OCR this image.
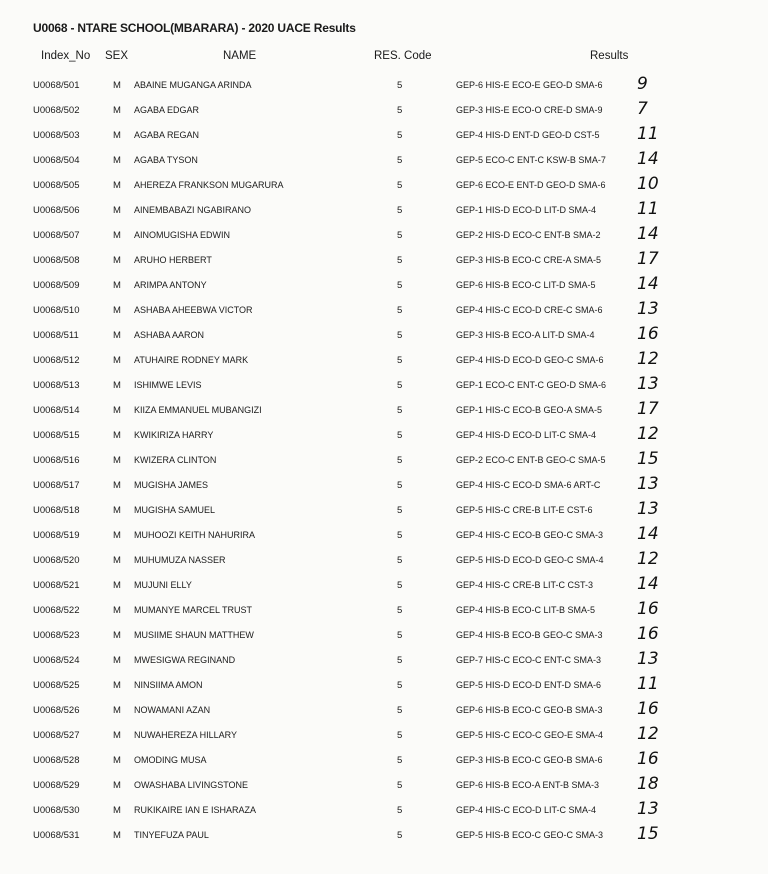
U0068 - NTARE SCHOOL(MBARARA) - 2020 UACE Results
Index_No SEX	NAME	RES. Code	Results
U0068/501	M ABAINE MUGANGA ARINDA	5	GEP-6 HIS-E ECO-E GEO-D SMA-6 9
U0068/502	M AGABA EDGAR	5	GEP-3 HIS-E ECO-O CRE-D SMA-9 7
U0068/503	M AGABA REGAN	5	GEP-4 HIS-D ENT-D GEO-D CST-5 11
U0068/504	M AGABA TYSON	5	GEP-5 ECO-C ENT-C KSW-B SMA-7 14
U0068/505	M AHEREZA FRANKSON MUGARURA	5	GEP-6 ECO-E ENT-D GEO-D SMA-6 10
U0068/506	M AINEMBABAZI NGABIRANO	5	GEP-1 HIS-D ECO-D LIT-D SMA-4 11
U0068/507	M AINOMUGISHA EDWIN	5	GEP-2 HIS-D ECO-C ENT-B SMA-2 14
U0068/508	M ARUHO HERBERT	5	GEP-3 HIS-B ECO-C CRE-A SMA-5 17
U0068/509	M ARIMPA ANTONY	5	GEP-6 HIS-B ECO-C LIT-D SMA-5 14
U0068/510	M ASHABA AHEEBWA VICTOR	5	GEP-4 HIS-C ECO-D CRE-C SMA-6 13
U0068/511	M ASHABA AARON	5	GEP-3 HIS-B ECO-A LIT-D SMA-4 16
U0068/512	M ATUHAIRE RODNEY MARK	5	GEP-4 HIS-D ECO-D GEO-C SMA-6 12
U0068/513	M ISHIMWE LEVIS	5	GEP-1 ECO-C ENT-C GEO-D SMA-6 13
U0068/514	M KIIZA EMMANUEL MUBANGIZI	5	GEP-1 HIS-C ECO-B GEO-A SMA-5 17
U0068/515	M KWIKIRIZA HARRY	5	GEP-4 HIS-D ECO-D LIT-C SMA-4 12
U0068/516	M KWIZERA CLINTON	5	GEP-2 ECO-C ENT-B GEO-C SMA-5 15
U0068/517	M MUGISHA JAMES	5	GEP-4 HIS-C ECO-D SMA-6 ART-C 13
U0068/518	M MUGISHA SAMUEL	5	GEP-5 HIS-C CRE-B LIT-E CST-6	13
U0068/519	M MUHOOZI KEITH NAHURIRA	5	GEP-4 HIS-C ECO-B GEO-C SMA-3 14
U0068/520	M MUHUMUZA NASSER	5	GEP-5 HIS-D ECO-D GEO-C SMA-4 12
U0068/521	M MUJUNI ELLY	5	GEP-4 HIS-C CRE-B LIT-C CST-3	14
U0068/522	M MUMANYE MARCEL TRUST	5	GEP-4 HIS-B ECO-C LIT-B SMA-5 16
U0068/523	M MUSIIME SHAUN MATTHEW	5	GEP-4 HIS-B ECO-B GEO-C SMA-3 16
U0068/524	M MWESIGWA REGINAND	5	GEP-7 HIS-C ECO-C ENT-C SMA-3 13
U0068/525	M NINSIIMA AMON	5	GEP-5 HIS-D ECO-D ENT-D SMA-6 11
U0068/526	M NOWAMANI AZAN	5	GEP-6 HIS-B ECO-C GEO-B SMA-3 16
U0068/527	M NUWAHEREZA HILLARY	5	GEP-5 HIS-C ECO-C GEO-E SMA-4 12
U0068/528	M OMODING MUSA	5	GEP-3 HIS-B ECO-C GEO-B SMA-6 16
U0068/529	M OWASHABA LIVINGSTONE	5	GEP-6 HIS-B ECO-A ENT-B SMA-3 18
U0068/530	M RUKIKAIRE IAN E ISHARAZA	5	GEP-4 HIS-C ECO-D LIT-C SMA-4 13
U0068/531	M TINYEFUZA PAUL	5	GEP-5 HIS-B ECO-C GEO-C SMA-3 15
